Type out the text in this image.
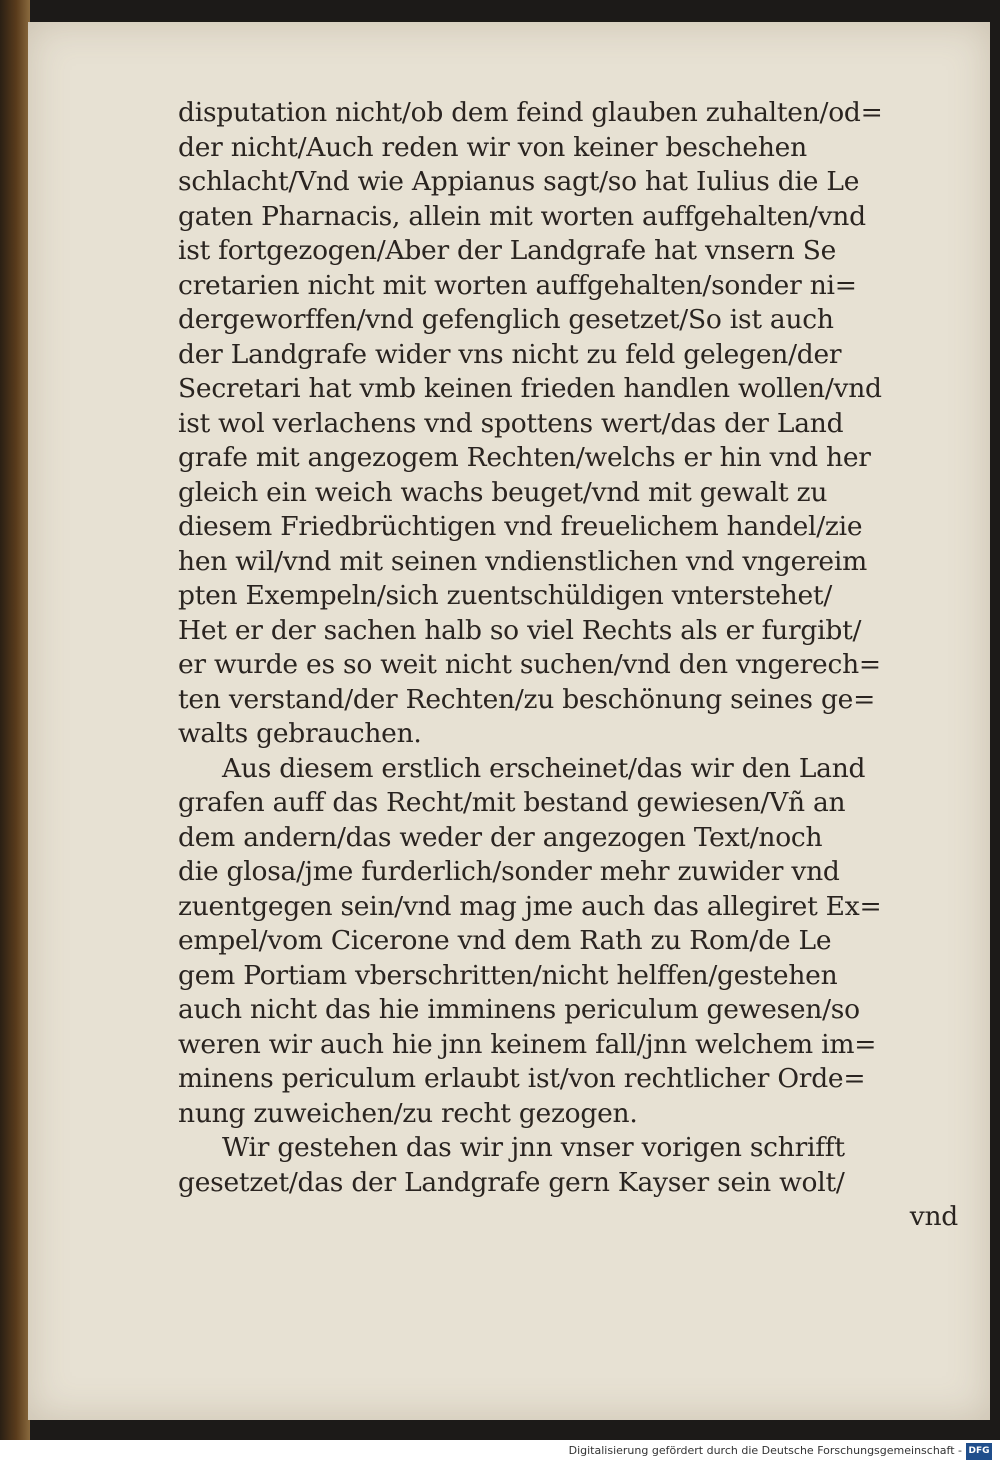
disputation nicht/ob dem feind glauben zuhalten/od=
der nicht/Auch reden wir von keiner beschehen
schlacht/Vnd wie Appianus sagt/so hat Iulius die Le
gaten Pharnacis, allein mit worten auffgehalten/vnd
ist fortgezogen/Aber der Landgrafe hat vnsern Se
cretarien nicht mit worten auffgehalten/sonder ni=
dergeworffen/vnd gefenglich gesetzet/So ist auch
der Landgrafe wider vns nicht zu feld gelegen/der
Secretari hat vmb keinen frieden handlen wollen/vnd
ist wol verlachens vnd spottens wert/das der Land
grafe mit angezogem Rechten/welchs er hin vnd her
gleich ein weich wachs beuget/vnd mit gewalt zu
diesem Friedbrüchtigen vnd freuelichem handel/zie
hen wil/vnd mit seinen vndienstlichen vnd vngereim
pten Exempeln/sich zuentschüldigen vnterstehet/
Het er der sachen halb so viel Rechts als er furgibt/
er wurde es so weit nicht suchen/vnd den vngerech=
ten verstand/der Rechten/zu beschönung seines ge=
walts gebrauchen.
Aus diesem erstlich erscheinet/das wir den Land
grafen auff das Recht/mit bestand gewiesen/Vñ an
dem andern/das weder der angezogen Text/noch
die glosa/jme furderlich/sonder mehr zuwider vnd
zuentgegen sein/vnd mag jme auch das allegiret Ex=
empel/vom Cicerone vnd dem Rath zu Rom/de Le
gem Portiam vberschritten/nicht helffen/gestehen
auch nicht das hie imminens periculum gewesen/so
weren wir auch hie jnn keinem fall/jnn welchem im=
minens periculum erlaubt ist/von rechtlicher Orde=
nung zuweichen/zu recht gezogen.
Wir gestehen das wir jnn vnser vorigen schrifft
gesetzet/das der Landgrafe gern Kayser sein wolt/
vnd
Digitalisierung gefördert durch die Deutsche Forschungsgemeinschaft - DFG
